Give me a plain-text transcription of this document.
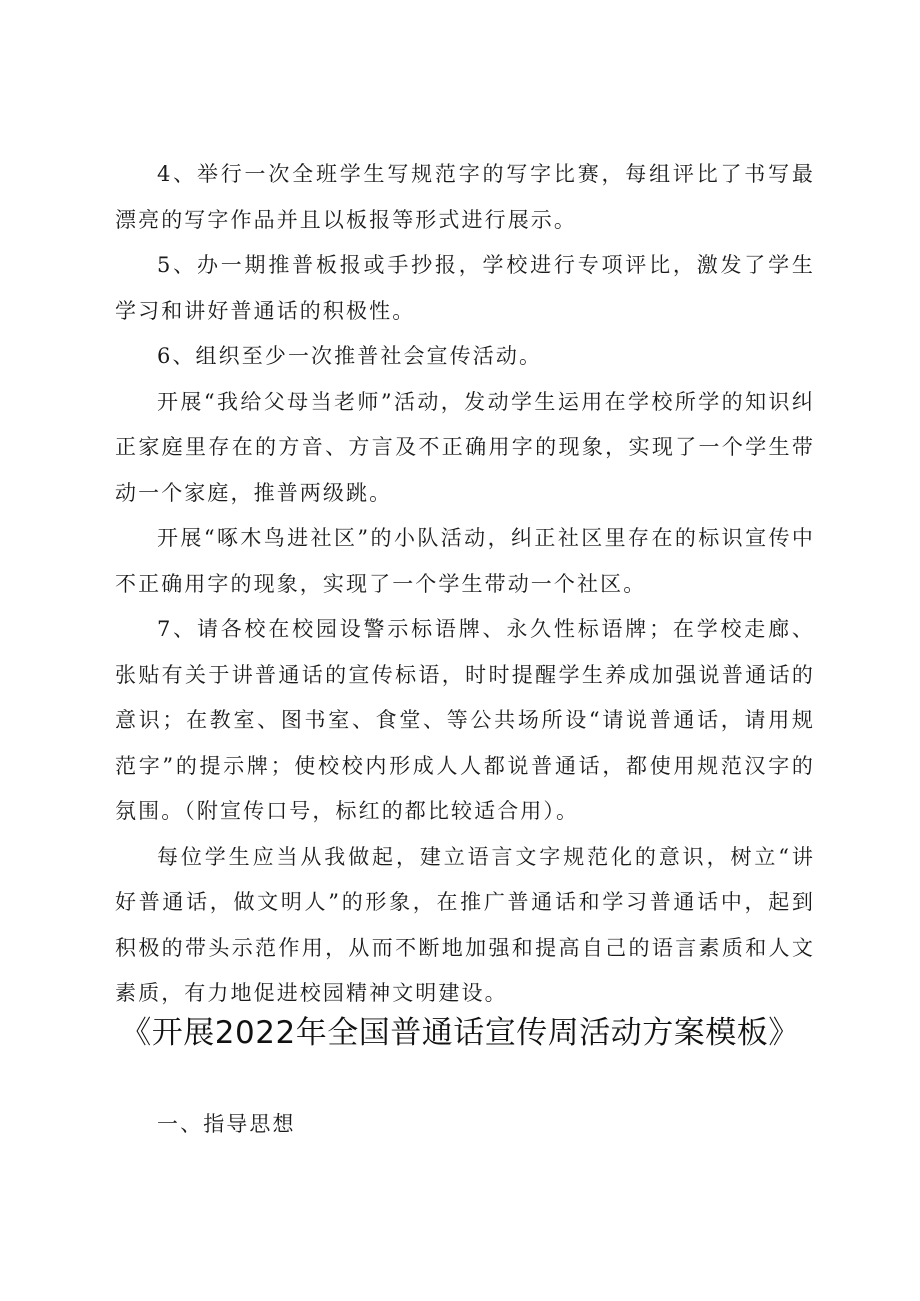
4、举行一次全班学生写规范字的写字比赛，每组评比了书写最漂亮的写字作品并且以板报等形式进行展示。

5、办一期推普板报或手抄报，学校进行专项评比，激发了学生学习和讲好普通话的积极性。

6、组织至少一次推普社会宣传活动。

开展“我给父母当老师”活动，发动学生运用在学校所学的知识纠正家庭里存在的方音、方言及不正确用字的现象，实现了一个学生带动一个家庭，推普两级跳。

开展“啄木鸟进社区”的小队活动，纠正社区里存在的标识宣传中不正确用字的现象，实现了一个学生带动一个社区。

7、请各校在校园设警示标语牌、永久性标语牌；在学校走廊、张贴有关于讲普通话的宣传标语，时时提醒学生养成加强说普通话的意识；在教室、图书室、食堂、等公共场所设“请说普通话，请用规范字”的提示牌；使校校内形成人人都说普通话，都使用规范汉字的氛围。（附宣传口号，标红的都比较适合用）。

每位学生应当从我做起，建立语言文字规范化的意识，树立“讲好普通话，做文明人”的形象，在推广普通话和学习普通话中，起到积极的带头示范作用，从而不断地加强和提高自己的语言素质和人文素质，有力地促进校园精神文明建设。

《开展2022年全国普通话宣传周活动方案模板》

一、指导思想
